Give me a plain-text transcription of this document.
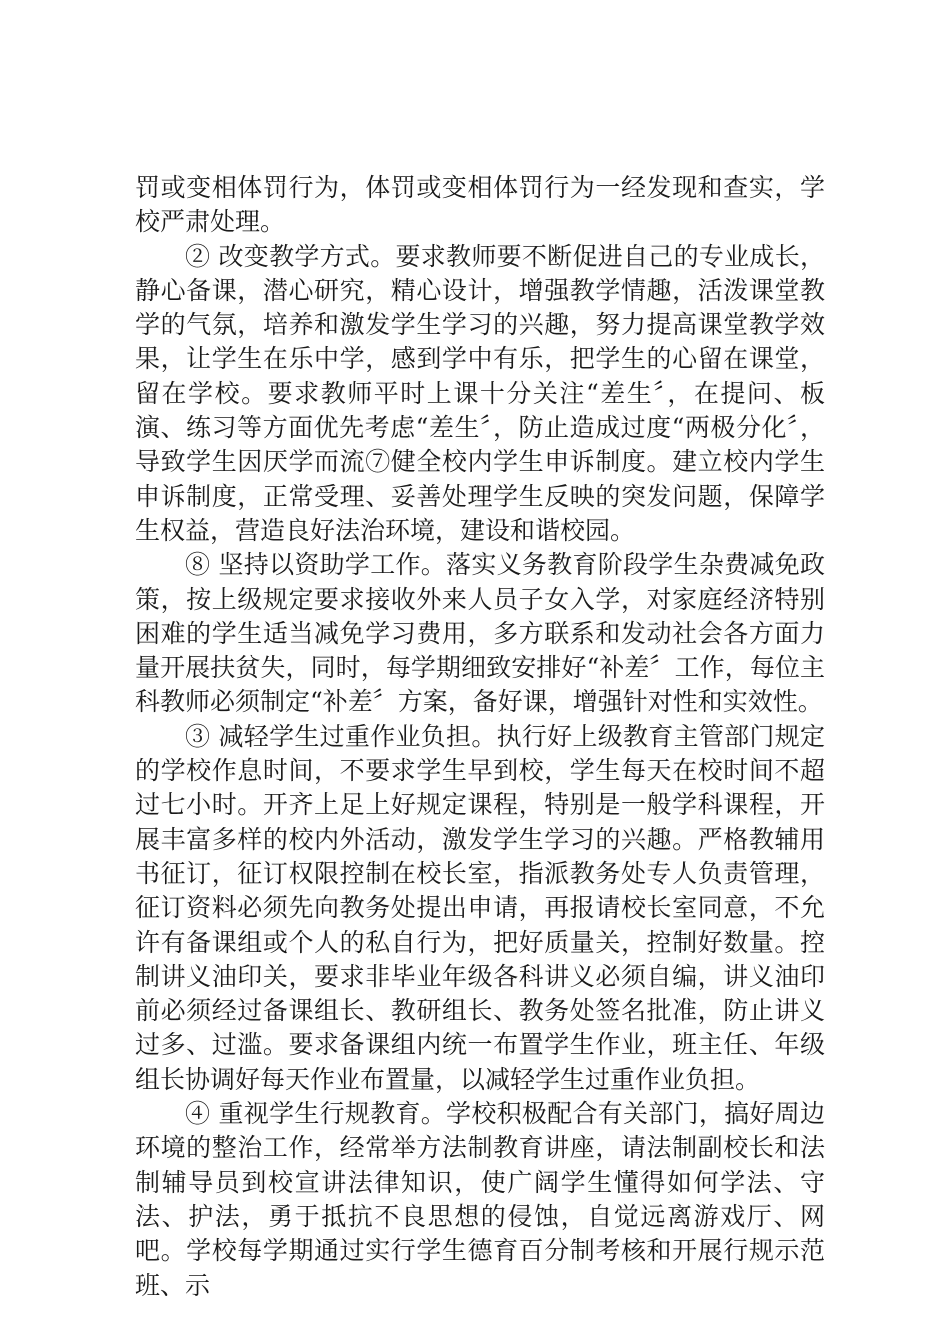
罚或变相体罚行为，体罚或变相体罚行为一经发现和查实，学校严肃处理。

② 改变教学方式。要求教师要不断促进自己的专业成长，静心备课，潜心研究，精心设计，增强教学情趣，活泼课堂教学的气氛，培养和激发学生学习的兴趣，努力提高课堂教学效果，让学生在乐中学，感到学中有乐，把学生的心留在课堂，留在学校。要求教师平时上课十分关注“差生〞，在提问、板演、练习等方面优先考虑“差生〞，防止造成过度“两极分化〞，导致学生因厌学而流⑦健全校内学生申诉制度。建立校内学生申诉制度，正常受理、妥善处理学生反映的突发问题，保障学生权益，营造良好法治环境，建设和谐校园。

⑧ 坚持以资助学工作。落实义务教育阶段学生杂费减免政策，按上级规定要求接收外来人员子女入学，对家庭经济特别困难的学生适当减免学习费用，多方联系和发动社会各方面力量开展扶贫失，同时，每学期细致安排好“补差〞工作，每位主科教师必须制定“补差〞方案，备好课，增强针对性和实效性。

③ 减轻学生过重作业负担。执行好上级教育主管部门规定的学校作息时间，不要求学生早到校，学生每天在校时间不超过七小时。开齐上足上好规定课程，特别是一般学科课程，开展丰富多样的校内外活动，激发学生学习的兴趣。严格教辅用书征订，征订权限控制在校长室，指派教务处专人负责管理，征订资料必须先向教务处提出申请，再报请校长室同意，不允许有备课组或个人的私自行为，把好质量关，控制好数量。控制讲义油印关，要求非毕业年级各科讲义必须自编，讲义油印前必须经过备课组长、教研组长、教务处签名批准，防止讲义过多、过滥。要求备课组内统一布置学生作业，班主任、年级组长协调好每天作业布置量，以减轻学生过重作业负担。

④ 重视学生行规教育。学校积极配合有关部门，搞好周边环境的整治工作，经常举方法制教育讲座，请法制副校长和法制辅导员到校宣讲法律知识，使广阔学生懂得如何学法、守法、护法，勇于抵抗不良思想的侵蚀，自觉远离游戏厅、网吧。学校每学期通过实行学生德育百分制考核和开展行规示范班、示
